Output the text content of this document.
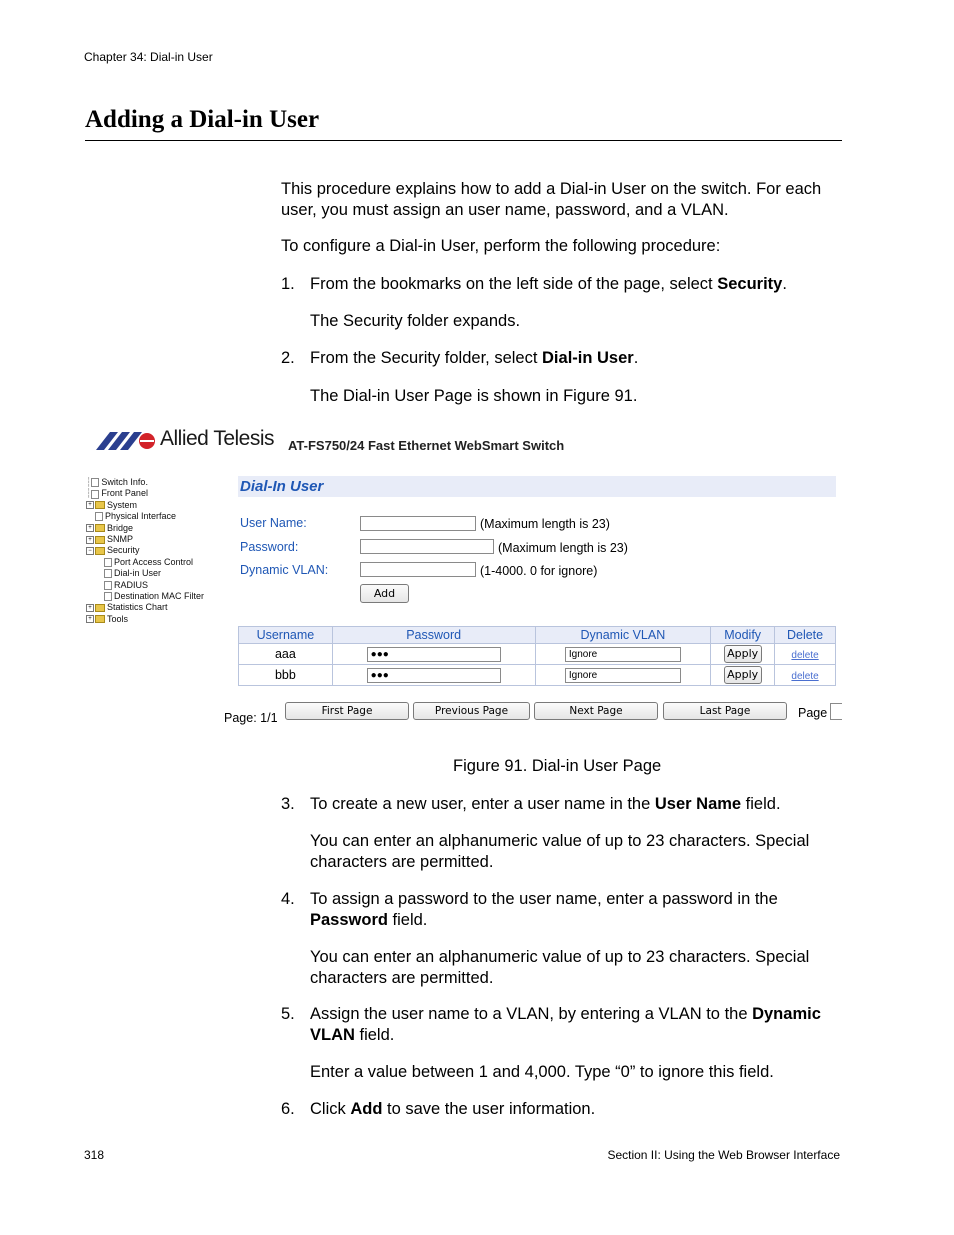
Chapter 34: Dial-in User
Adding a Dial-in User
This procedure explains how to add a Dial-in User on the switch. For each
user, you must assign an user name, password, and a VLAN.
To configure a Dial-in User, perform the following procedure:
1. From the bookmarks on the left side of the page, select Security.
The Security folder expands.
2. From the Security folder, select Dial-in User.
The Dial-in User Page is shown in Figure 91.
Allied Telesis AT-FS750/24 Fast Ethernet WebSmart Switch
┆ Switch Info.
┆ Front Panel
+ System
Physical Interface
+ Bridge
+ SNMP
− Security
Port Access Control
Dial-in User
RADIUS
Destination MAC Filter
+ Statistics Chart
+ Tools
Dial-In User
User Name:	(Maximum length is 23)
Password:	(Maximum length is 23)
Dynamic VLAN:	(1-4000. 0 for ignore)
Add
Username	Password	Dynamic VLAN	Modify	Delete
aaa	●●●	Ignore	Apply	delete
bbb	●●●	Ignore	Apply	delete
Page: 1/1	First Page	Previous Page	Next Page	Last Page	Page
Figure 91. Dial-in User Page
3. To create a new user, enter a user name in the User Name field.
You can enter an alphanumeric value of up to 23 characters. Special
characters are permitted.
4. To assign a password to the user name, enter a password in the
Password field.
You can enter an alphanumeric value of up to 23 characters. Special
characters are permitted.
5. Assign the user name to a VLAN, by entering a VLAN to the Dynamic
VLAN field.
Enter a value between 1 and 4,000. Type “0” to ignore this field.
6. Click Add to save the user information.
318	Section II: Using the Web Browser Interface
